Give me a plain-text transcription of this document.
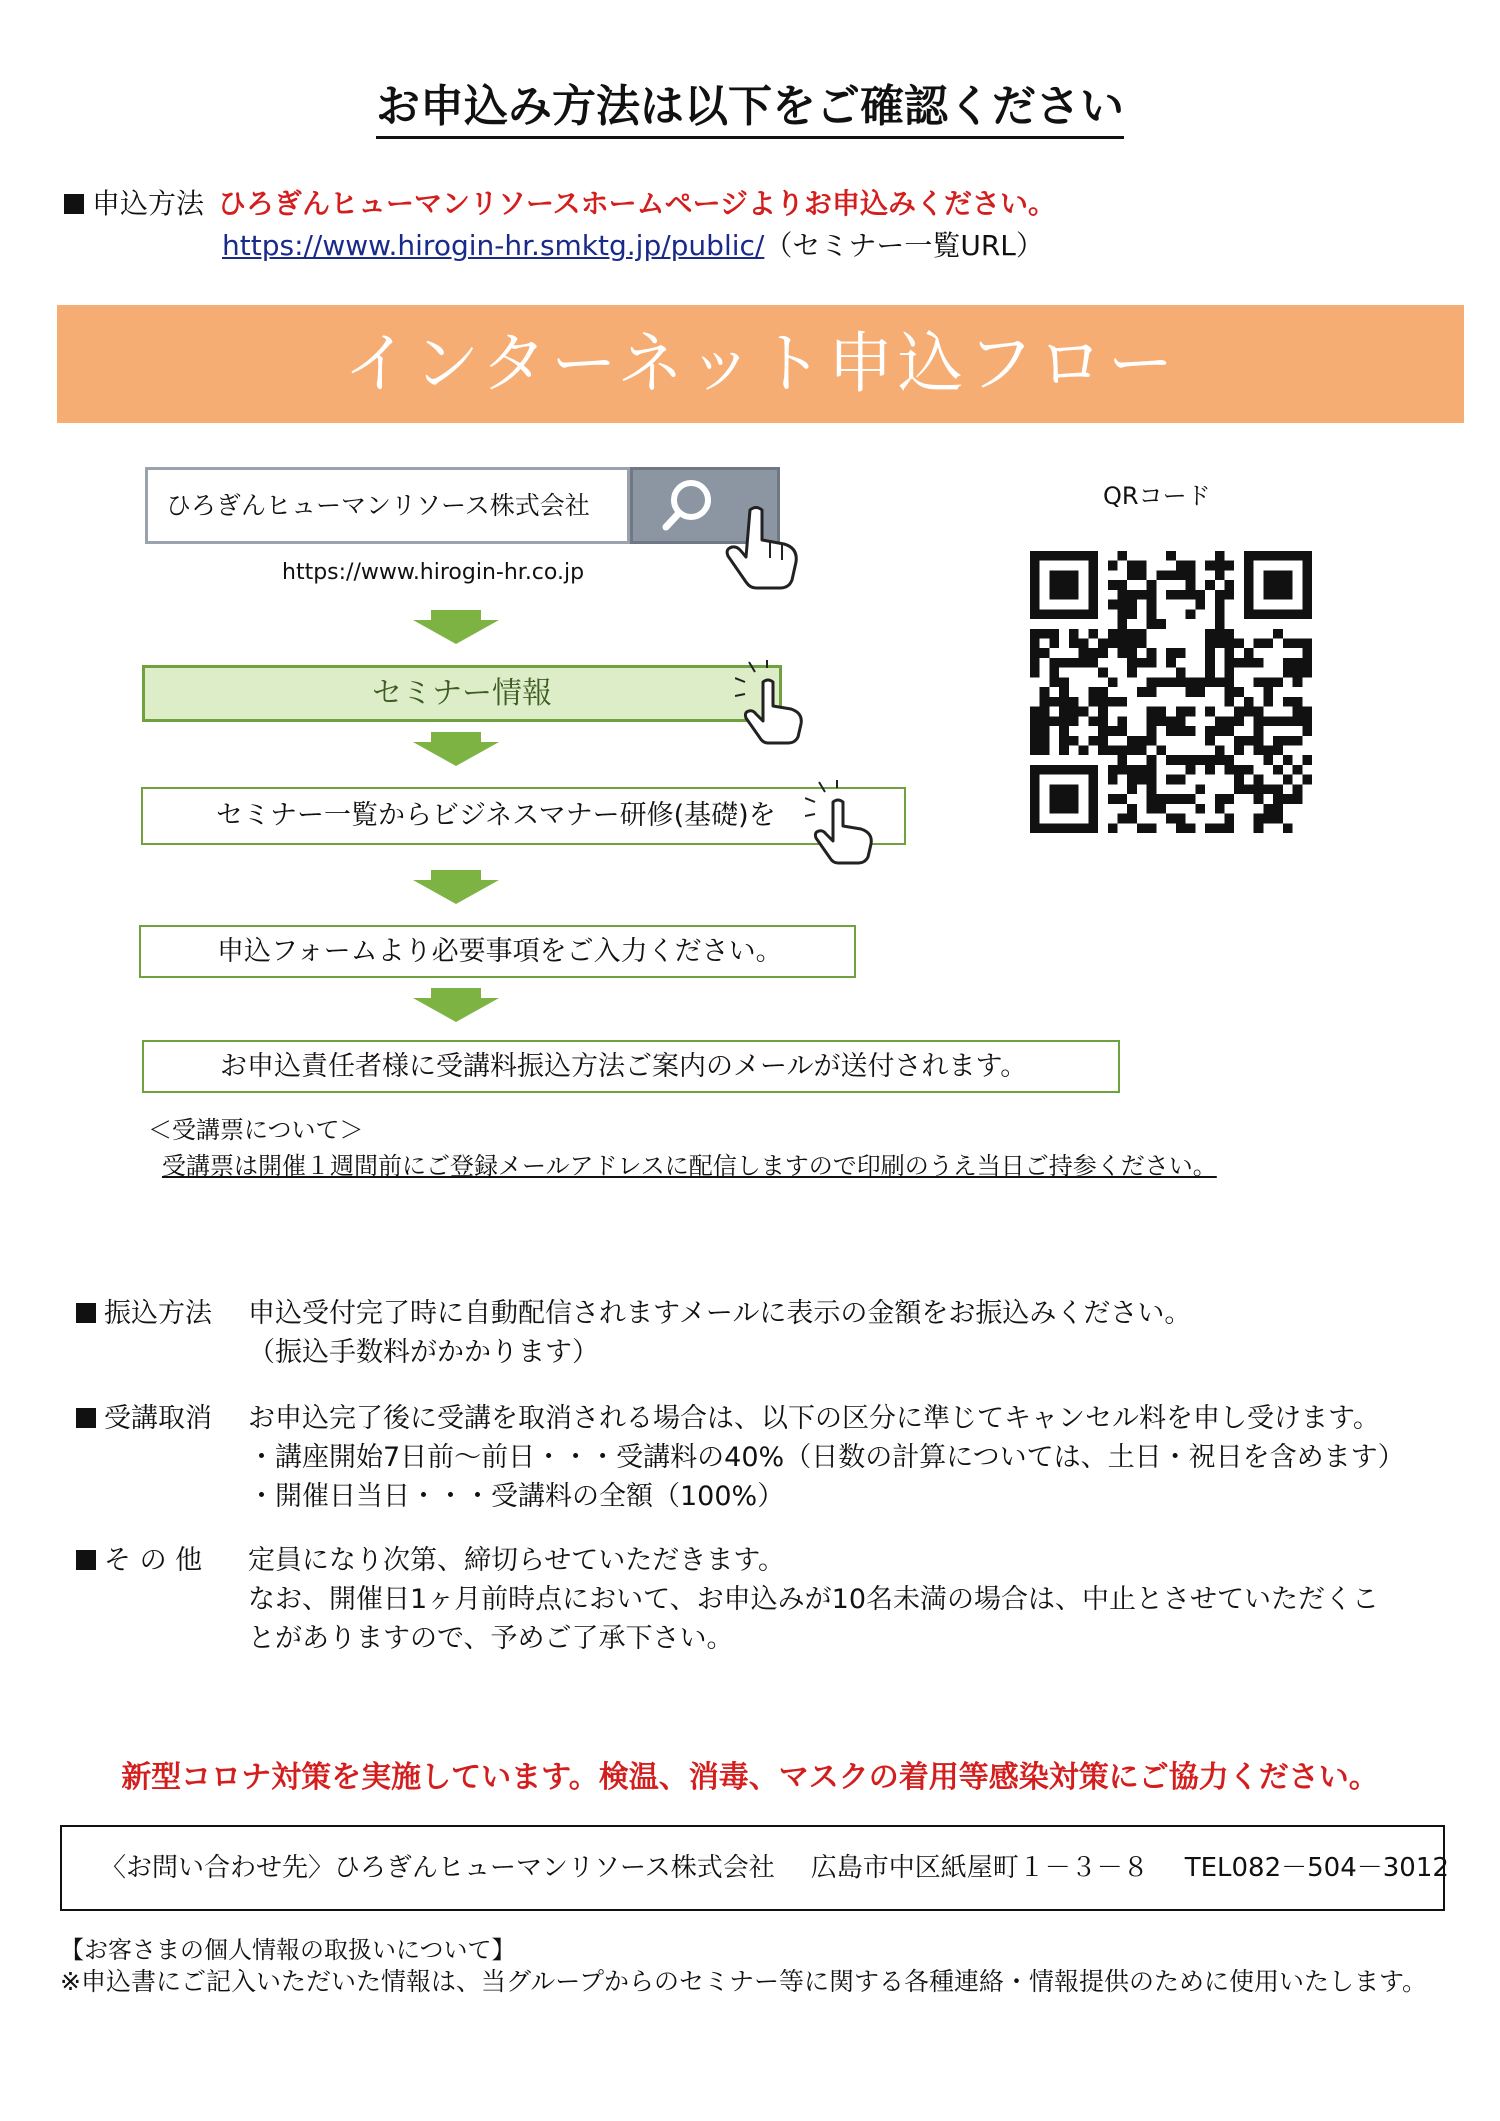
お申込み方法は以下をご確認ください
申込方法 ひろぎんヒューマンリソースホームページよりお申込みください。
https://www.hirogin-hr.smktg.jp/public/（セミナー一覧URL）
インターネット申込フロー
ひろぎんヒューマンリソース株式会社
https://www.hirogin-hr.co.jp
セミナー情報
セミナー一覧からビジネスマナー研修(基礎)を
申込フォームより必要事項をご入力ください。
お申込責任者様に受講料振込方法ご案内のメールが送付されます。
＜受講票について＞
受講票は開催１週間前にご登録メールアドレスに配信しますので印刷のうえ当日ご持参ください。
QRコード
振込方法 申込受付完了時に自動配信されますメールに表示の金額をお振込みください。
（振込手数料がかかります）
受講取消 お申込完了後に受講を取消される場合は、以下の区分に準じてキャンセル料を申し受けます。
・講座開始7日前～前日・・・受講料の40%（日数の計算については、土日・祝日を含めます）
・開催日当日・・・受講料の全額（100%）
そ の 他 定員になり次第、締切らせていただきます。
なお、開催日1ヶ月前時点において、お申込みが10名未満の場合は、中止とさせていただくこ
とがありますので、予めご了承下さい。
新型コロナ対策を実施しています。検温、消毒、マスクの着用等感染対策にご協力ください。
〈お問い合わせ先〉ひろぎんヒューマンリソース株式会社 広島市中区紙屋町１－３－８ TEL082－504－3012
【お客さまの個人情報の取扱いについて】
※申込書にご記入いただいた情報は、当グループからのセミナー等に関する各種連絡・情報提供のために使用いたします。
